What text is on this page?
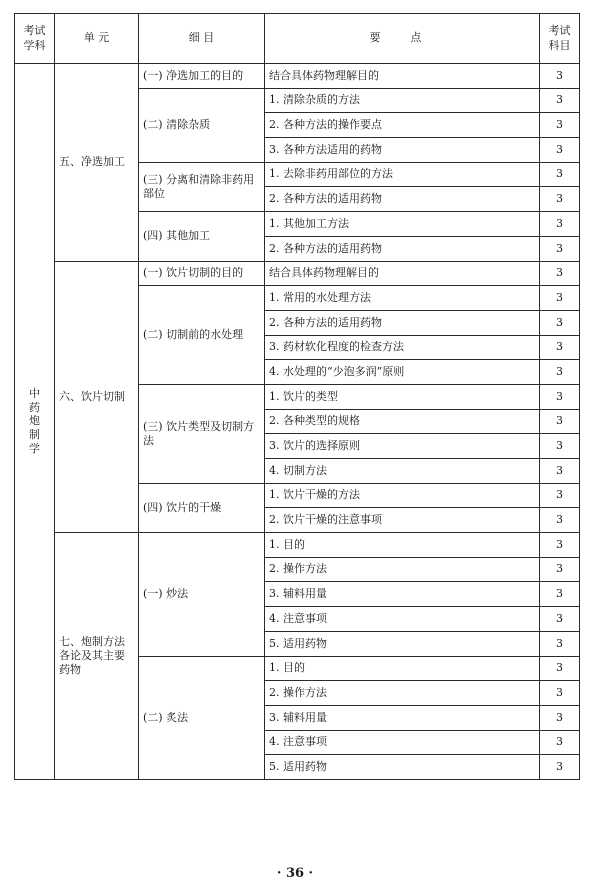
考试学科	单 元	细 目	要 点	考试科目
中药炮制学	五、净选加工	(一) 净选加工的目的	结合具体药物理解目的	3
		(二) 清除杂质	1. 清除杂质的方法	3
			2. 各种方法的操作要点	3
			3. 各种方法适用的药物	3
		(三) 分离和清除非药用部位	1. 去除非药用部位的方法	3
			2. 各种方法的适用药物	3
		(四) 其他加工	1. 其他加工方法	3
			2. 各种方法的适用药物	3
	六、饮片切制	(一) 饮片切制的目的	结合具体药物理解目的	3
		(二) 切制前的水处理	1. 常用的水处理方法	3
			2. 各种方法的适用药物	3
			3. 药材软化程度的检查方法	3
			4. 水处理的“少泡多润”原则	3
		(三) 饮片类型及切制方法	1. 饮片的类型	3
			2. 各种类型的规格	3
			3. 饮片的选择原则	3
			4. 切制方法	3
		(四) 饮片的干燥	1. 饮片干燥的方法	3
			2. 饮片干燥的注意事项	3
	七、炮制方法各论及其主要药物	(一) 炒法	1. 目的	3
			2. 操作方法	3
			3. 辅料用量	3
			4. 注意事项	3
			5. 适用药物	3
		(二) 炙法	1. 目的	3
			2. 操作方法	3
			3. 辅料用量	3
			4. 注意事项	3
			5. 适用药物	3
· 36 ·
